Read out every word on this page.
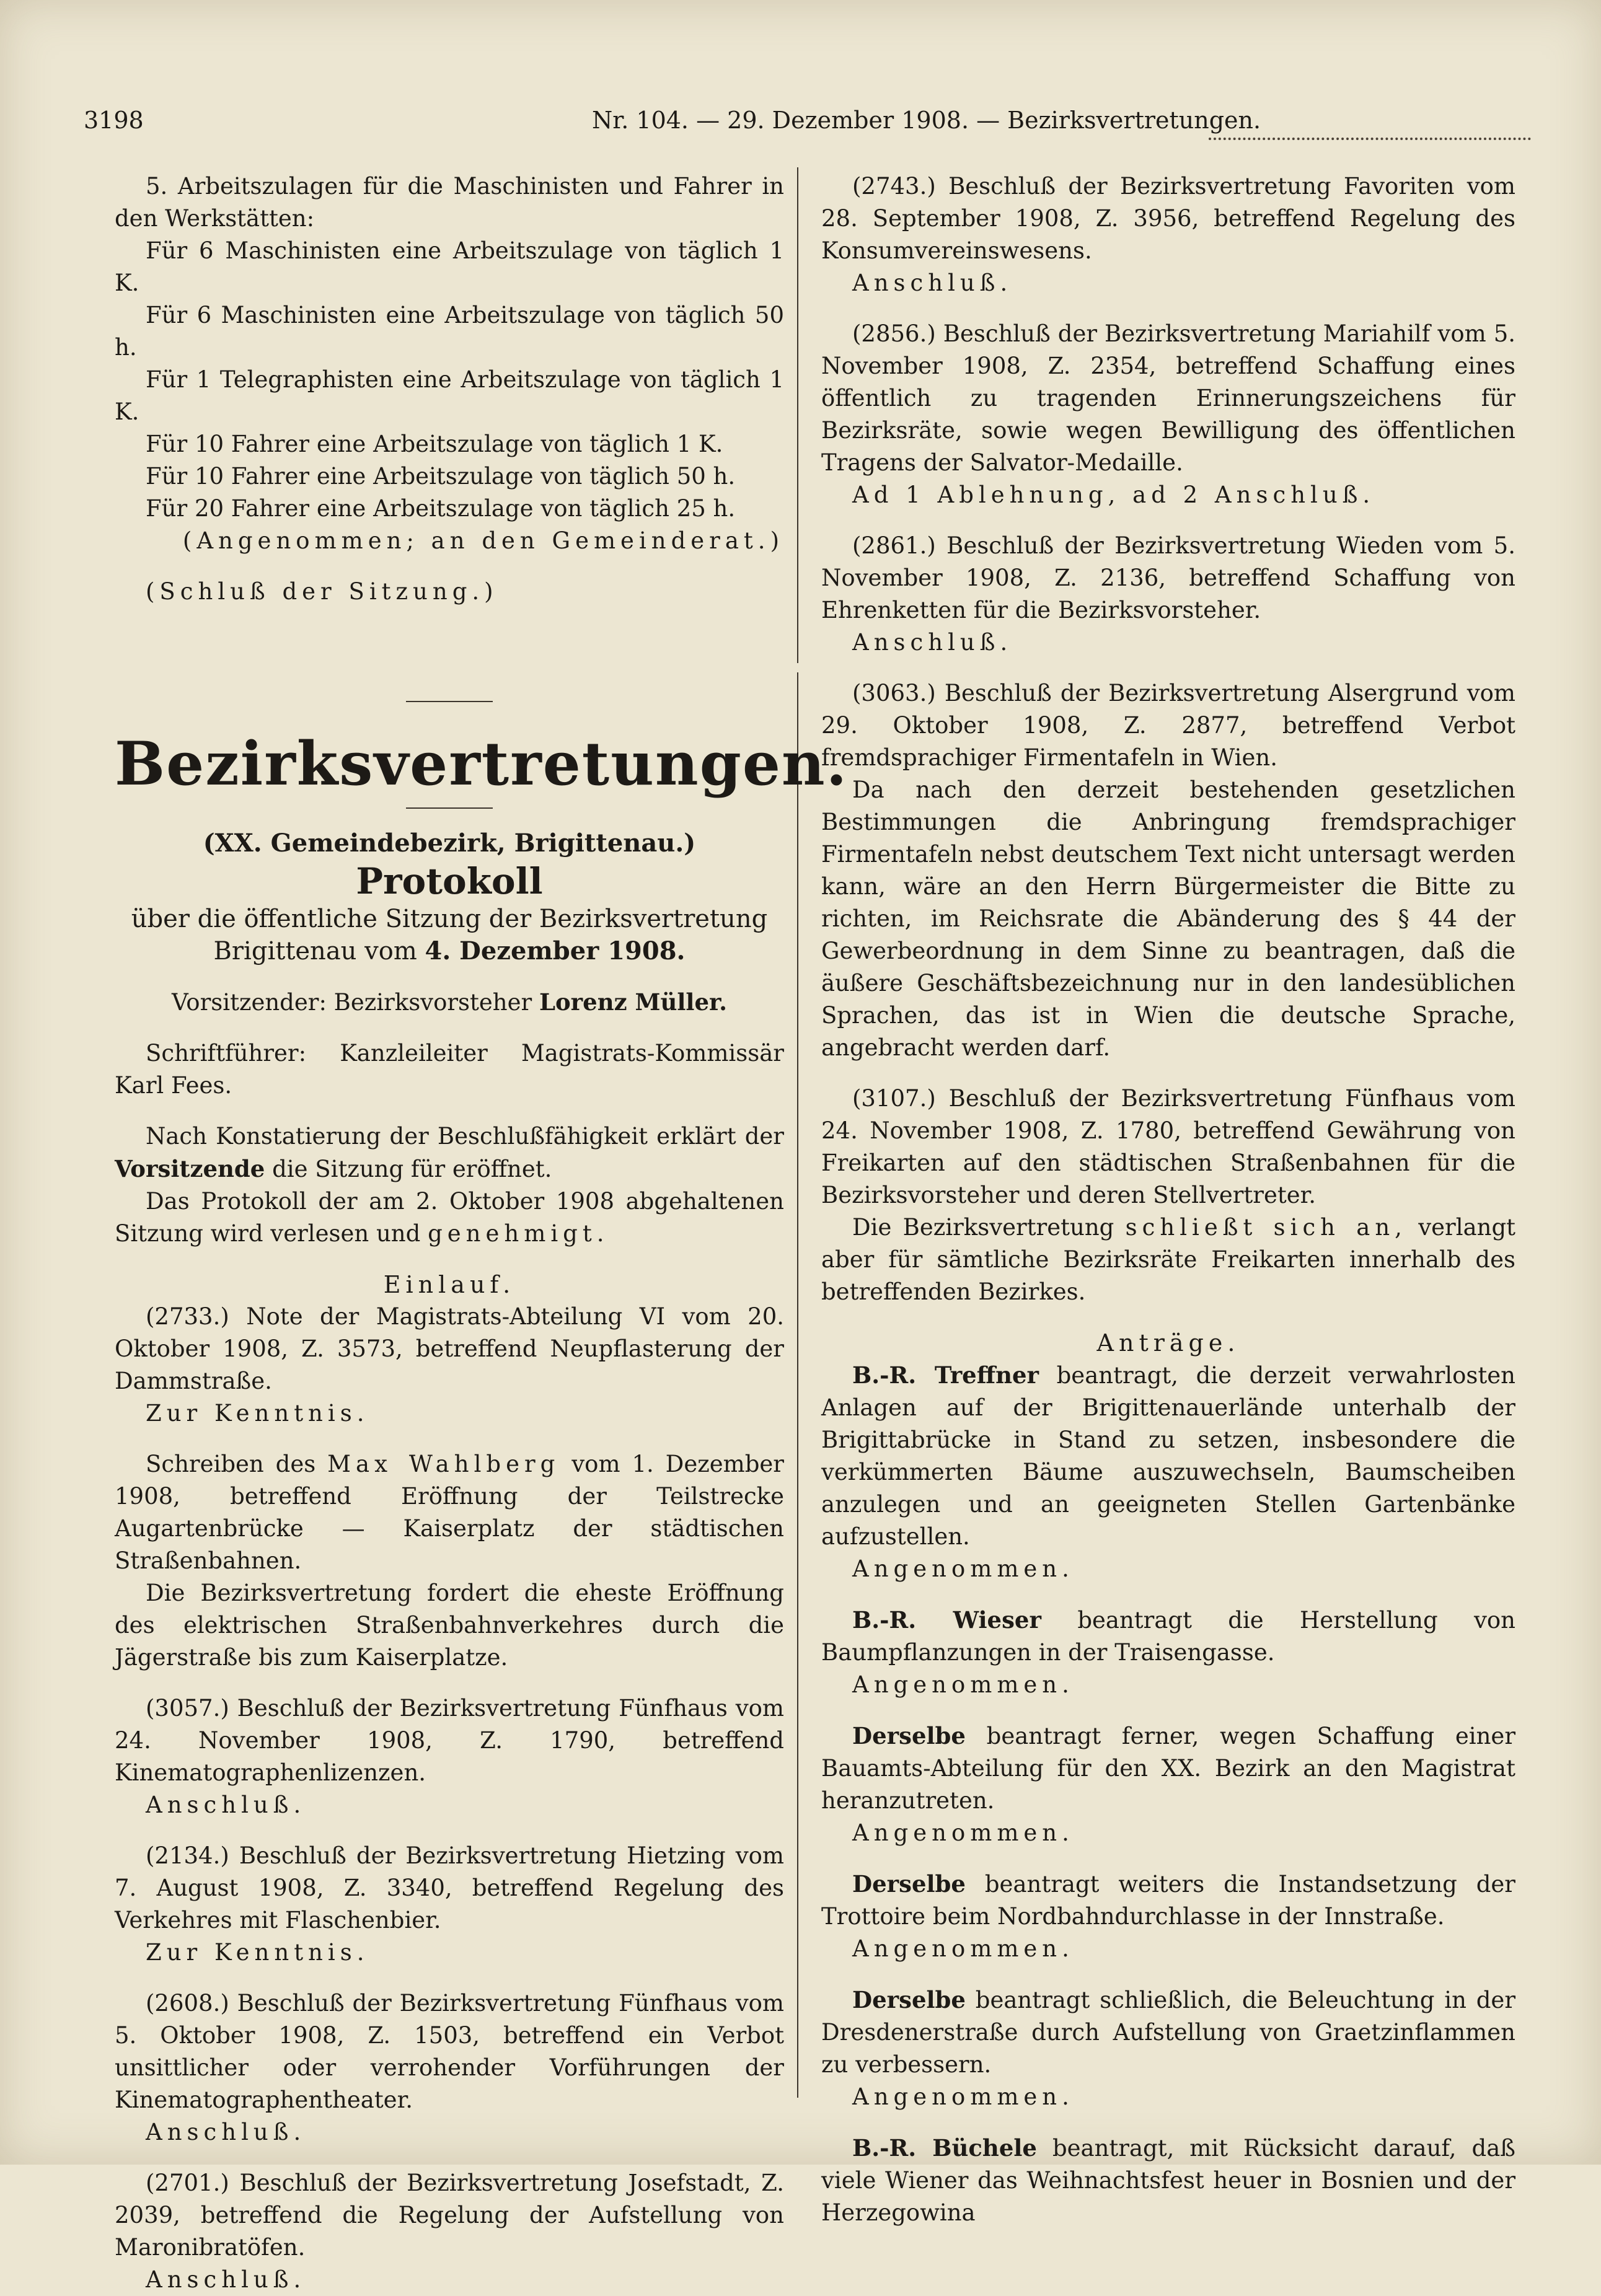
3198	Nr. 104. — 29. Dezember 1908. — Bezirksvertretungen.

5. Arbeitszulagen für die Maschinisten und Fahrer in den Werkstätten:

Für 6 Maschinisten eine Arbeitszulage von täglich 1 K.

Für 6 Maschinisten eine Arbeitszulage von täglich 50 h.

Für 1 Telegraphisten eine Arbeitszulage von täglich 1 K.

Für 10 Fahrer eine Arbeitszulage von täglich 1 K.

Für 10 Fahrer eine Arbeitszulage von täglich 50 h.

Für 20 Fahrer eine Arbeitszulage von täglich 25 h.

(Angenommen; an den Gemeinderat.)

(Schluß der Sitzung.)

Bezirksvertretungen.
(XX. Gemeindebezirk, Brigittenau.)
Protokoll

über die öffentliche Sitzung der Bezirksvertretung

Brigittenau vom 4. Dezember 1908.

Vorsitzender: Bezirksvorsteher Lorenz Müller.

Schriftführer: Kanzleileiter Magistrats-Kommissär Karl Fees.

Nach Konstatierung der Beschlußfähigkeit erklärt der Vorsitzende die Sitzung für eröffnet.

Das Protokoll der am 2. Oktober 1908 abgehaltenen Sitzung wird verlesen und genehmigt.

Einlauf.

(2733.) Note der Magistrats-Abteilung VI vom 20. Oktober 1908, Z. 3573, betreffend Neupflasterung der Dammstraße.

Zur Kenntnis.

Schreiben des Max Wahlberg vom 1. Dezember 1908, betreffend Eröffnung der Teilstrecke Augartenbrücke — Kaiserplatz der städtischen Straßenbahnen.

Die Bezirksvertretung fordert die eheste Eröffnung des elektrischen Straßenbahnverkehres durch die Jägerstraße bis zum Kaiserplatze.

(3057.) Beschluß der Bezirksvertretung Fünfhaus vom 24. November 1908, Z. 1790, betreffend Kinematographenlizenzen.

Anschluß.

(2134.) Beschluß der Bezirksvertretung Hietzing vom 7. August 1908, Z. 3340, betreffend Regelung des Verkehres mit Flaschenbier.

Zur Kenntnis.

(2608.) Beschluß der Bezirksvertretung Fünfhaus vom 5. Oktober 1908, Z. 1503, betreffend ein Verbot unsittlicher oder verrohender Vorführungen der Kinematographentheater.

Anschluß.

(2701.) Beschluß der Bezirksvertretung Josefstadt, Z. 2039, betreffend die Regelung der Aufstellung von Maronibratöfen.

Anschluß.

(2743.) Beschluß der Bezirksvertretung Favoriten vom 28. September 1908, Z. 3956, betreffend Regelung des Konsumvereinswesens.

Anschluß.

(2856.) Beschluß der Bezirksvertretung Mariahilf vom 5. November 1908, Z. 2354, betreffend Schaffung eines öffentlich zu tragenden Erinnerungszeichens für Bezirksräte, sowie wegen Bewilligung des öffentlichen Tragens der Salvator-Medaille.

Ad 1 Ablehnung, ad 2 Anschluß.

(2861.) Beschluß der Bezirksvertretung Wieden vom 5. November 1908, Z. 2136, betreffend Schaffung von Ehrenketten für die Bezirksvorsteher.

Anschluß.

(3063.) Beschluß der Bezirksvertretung Alsergrund vom 29. Oktober 1908, Z. 2877, betreffend Verbot fremdsprachiger Firmentafeln in Wien.

Da nach den derzeit bestehenden gesetzlichen Bestimmungen die Anbringung fremdsprachiger Firmentafeln nebst deutschem Text nicht untersagt werden kann, wäre an den Herrn Bürgermeister die Bitte zu richten, im Reichsrate die Abänderung des § 44 der Gewerbeordnung in dem Sinne zu beantragen, daß die äußere Geschäftsbezeichnung nur in den landesüblichen Sprachen, das ist in Wien die deutsche Sprache, angebracht werden darf.

(3107.) Beschluß der Bezirksvertretung Fünfhaus vom 24. November 1908, Z. 1780, betreffend Gewährung von Freikarten auf den städtischen Straßenbahnen für die Bezirksvorsteher und deren Stellvertreter.

Die Bezirksvertretung schließt sich an, verlangt aber für sämtliche Bezirksräte Freikarten innerhalb des betreffenden Bezirkes.

Anträge.

B.-R. Treffner beantragt, die derzeit verwahrlosten Anlagen auf der Brigittenauerlände unterhalb der Brigittabrücke in Stand zu setzen, insbesondere die verkümmerten Bäume auszuwechseln, Baumscheiben anzulegen und an geeigneten Stellen Gartenbänke aufzustellen.

Angenommen.

B.-R. Wieser beantragt die Herstellung von Baumpflanzungen in der Traisengasse.

Angenommen.

Derselbe beantragt ferner, wegen Schaffung einer Bauamts-Abteilung für den XX. Bezirk an den Magistrat heranzutreten.

Angenommen.

Derselbe beantragt weiters die Instandsetzung der Trottoire beim Nordbahndurchlasse in der Innstraße.

Angenommen.

Derselbe beantragt schließlich, die Beleuchtung in der Dresdenerstraße durch Aufstellung von Graetzinflammen zu verbessern.

Angenommen.

B.-R. Büchele beantragt, mit Rücksicht darauf, daß viele Wiener das Weihnachtsfest heuer in Bosnien und der Herzegowina
